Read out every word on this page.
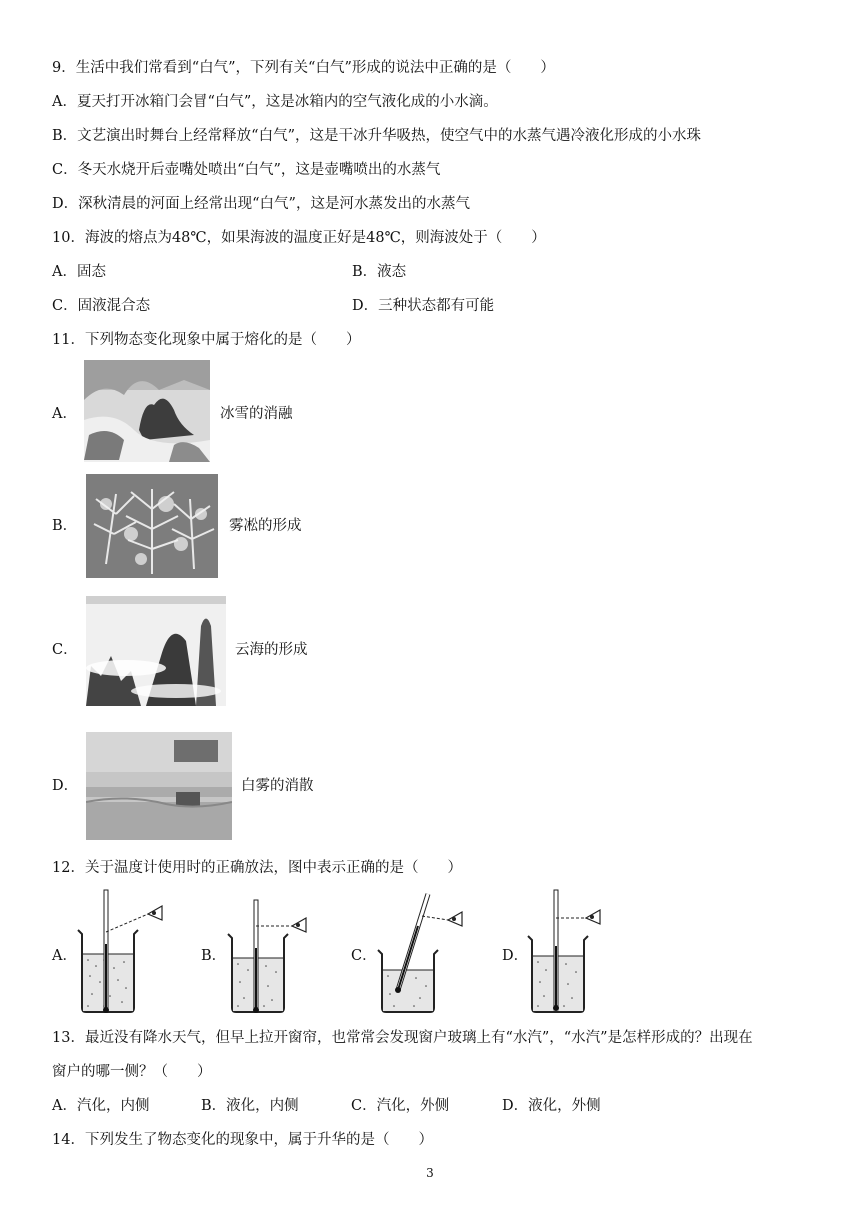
9．生活中我们常看到“白气”，下列有关“白气”形成的说法中正确的是（　　）
A．夏天打开冰箱门会冒“白气”，这是冰箱内的空气液化成的小水滴。
B．文艺演出时舞台上经常释放“白气”，这是干冰升华吸热，使空气中的水蒸气遇冷液化形成的小水珠
C．冬天水烧开后壶嘴处喷出“白气”，这是壶嘴喷出的水蒸气
D．深秋清晨的河面上经常出现“白气”，这是河水蒸发出的水蒸气
10．海波的熔点为48℃，如果海波的温度正好是48℃，则海波处于（　　）
A．固态	B．液态
C．固液混合态	D．三种状态都有可能
11．下列物态变化现象中属于熔化的是（　　）
A．	冰雪的消融
B．	雾凇的形成
C．	云海的形成
D．	白雾的消散
12．关于温度计使用时的正确放法，图中表示正确的是（　　）
A．	B．	C．	D．
13．最近没有降水天气，但早上拉开窗帘，也常常会发现窗户玻璃上有“水汽”，“水汽”是怎样形成的？出现在
窗户的哪一侧？（　　）
A．汽化，内侧	B．液化，内侧	C．汽化，外侧	D．液化，外侧
14．下列发生了物态变化的现象中，属于升华的是（　　）
3
